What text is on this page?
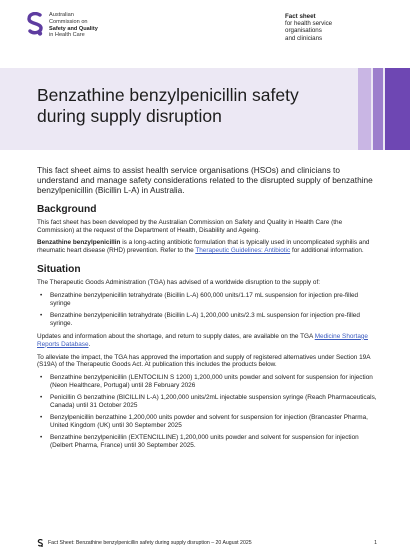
Australian
Commission on
Safety and Quality
in Health Care
Fact sheet
for health service
organisations
and clinicians
Benzathine benzylpenicillin safety during supply disruption

This fact sheet aims to assist health service organisations (HSOs) and clinicians to understand and manage safety considerations related to the disrupted supply of benzathine benzylpenicillin (Bicillin L-A) in Australia.

Background

This fact sheet has been developed by the Australian Commission on Safety and Quality in Health Care (the Commission) at the request of the Department of Health, Disability and Ageing.

Benzathine benzylpenicillin is a long-acting antibiotic formulation that is typically used in uncomplicated syphilis and rheumatic heart disease (RHD) prevention. Refer to the Therapeutic Guidelines: Antibiotic for additional information.

Situation

The Therapeutic Goods Administration (TGA) has advised of a worldwide disruption to the supply of:

• Benzathine benzylpenicillin tetrahydrate (Bicillin L-A) 600,000 units/1.17 mL suspension for injection pre-filled syringe
• Benzathine benzylpenicillin tetrahydrate (Bicillin L-A) 1,200,000 units/2.3 mL suspension for injection pre-filled syringe.

Updates and information about the shortage, and return to supply dates, are available on the TGA Medicine Shortage Reports Database.

To alleviate the impact, the TGA has approved the importation and supply of registered alternatives under Section 19A (S19A) of the Therapeutic Goods Act. At publication this includes the products below.

• Benzathine benzylpenicillin (LENTOCILIN S 1200) 1,200,000 units powder and solvent for suspension for injection (Neon Healthcare, Portugal) until 28 February 2026
• Penicillin G benzathine (BICILLIN L-A) 1,200,000 units/2mL injectable suspension syringe (Reach Pharmaceuticals, Canada) until 31 October 2025
• Benzylpenicillin benzathine 1,200,000 units powder and solvent for suspension for injection (Brancaster Pharma, United Kingdom (UK) until 30 September 2025
• Benzathine benzylpenicillin (EXTENCILLINE) 1,200,000 units powder and solvent for suspension for injection (Delbert Pharma, France) until 30 September 2025.
Fact Sheet: Benzathine benzylpenicillin safety during supply disruption – 20 August 2025	1
